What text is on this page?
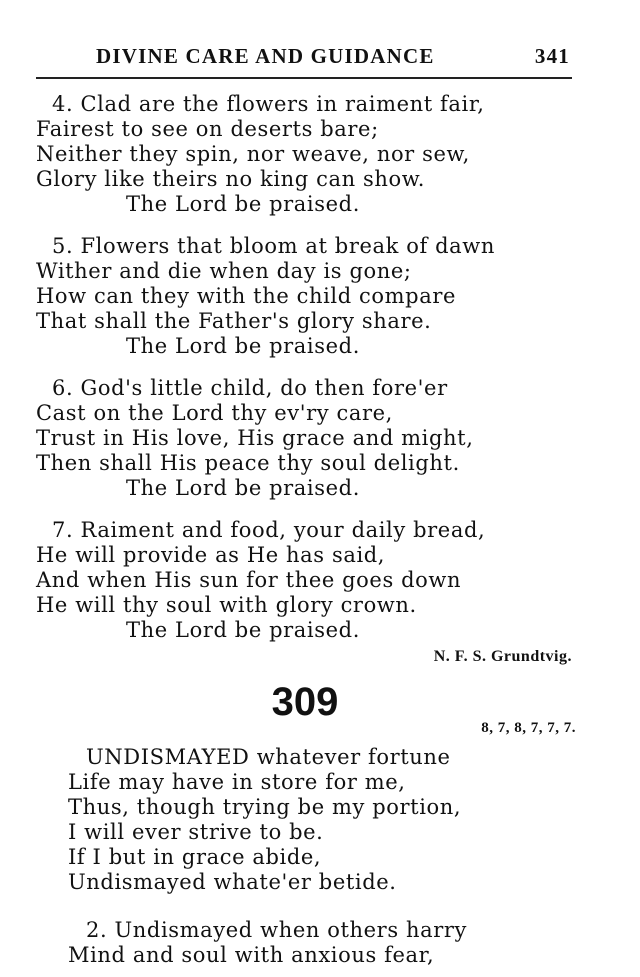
DIVINE CARE AND GUIDANCE	341
4. Clad are the flowers in raiment fair,
Fairest to see on deserts bare;
Neither they spin, nor weave, nor sew,
Glory like theirs no king can show.
The Lord be praised.
5. Flowers that bloom at break of dawn
Wither and die when day is gone;
How can they with the child compare
That shall the Father's glory share.
The Lord be praised.
6. God's little child, do then fore'er
Cast on the Lord thy ev'ry care,
Trust in His love, His grace and might,
Then shall His peace thy soul delight.
The Lord be praised.
7. Raiment and food, your daily bread,
He will provide as He has said,
And when His sun for thee goes down
He will thy soul with glory crown.
The Lord be praised.
N. F. S. Grundtvig.
309
8, 7, 8, 7, 7, 7.
UNDISMAYED whatever fortune
Life may have in store for me,
Thus, though trying be my portion,
I will ever strive to be.
If I but in grace abide,
Undismayed whate'er betide.
2. Undismayed when others harry
Mind and soul with anxious fear,
